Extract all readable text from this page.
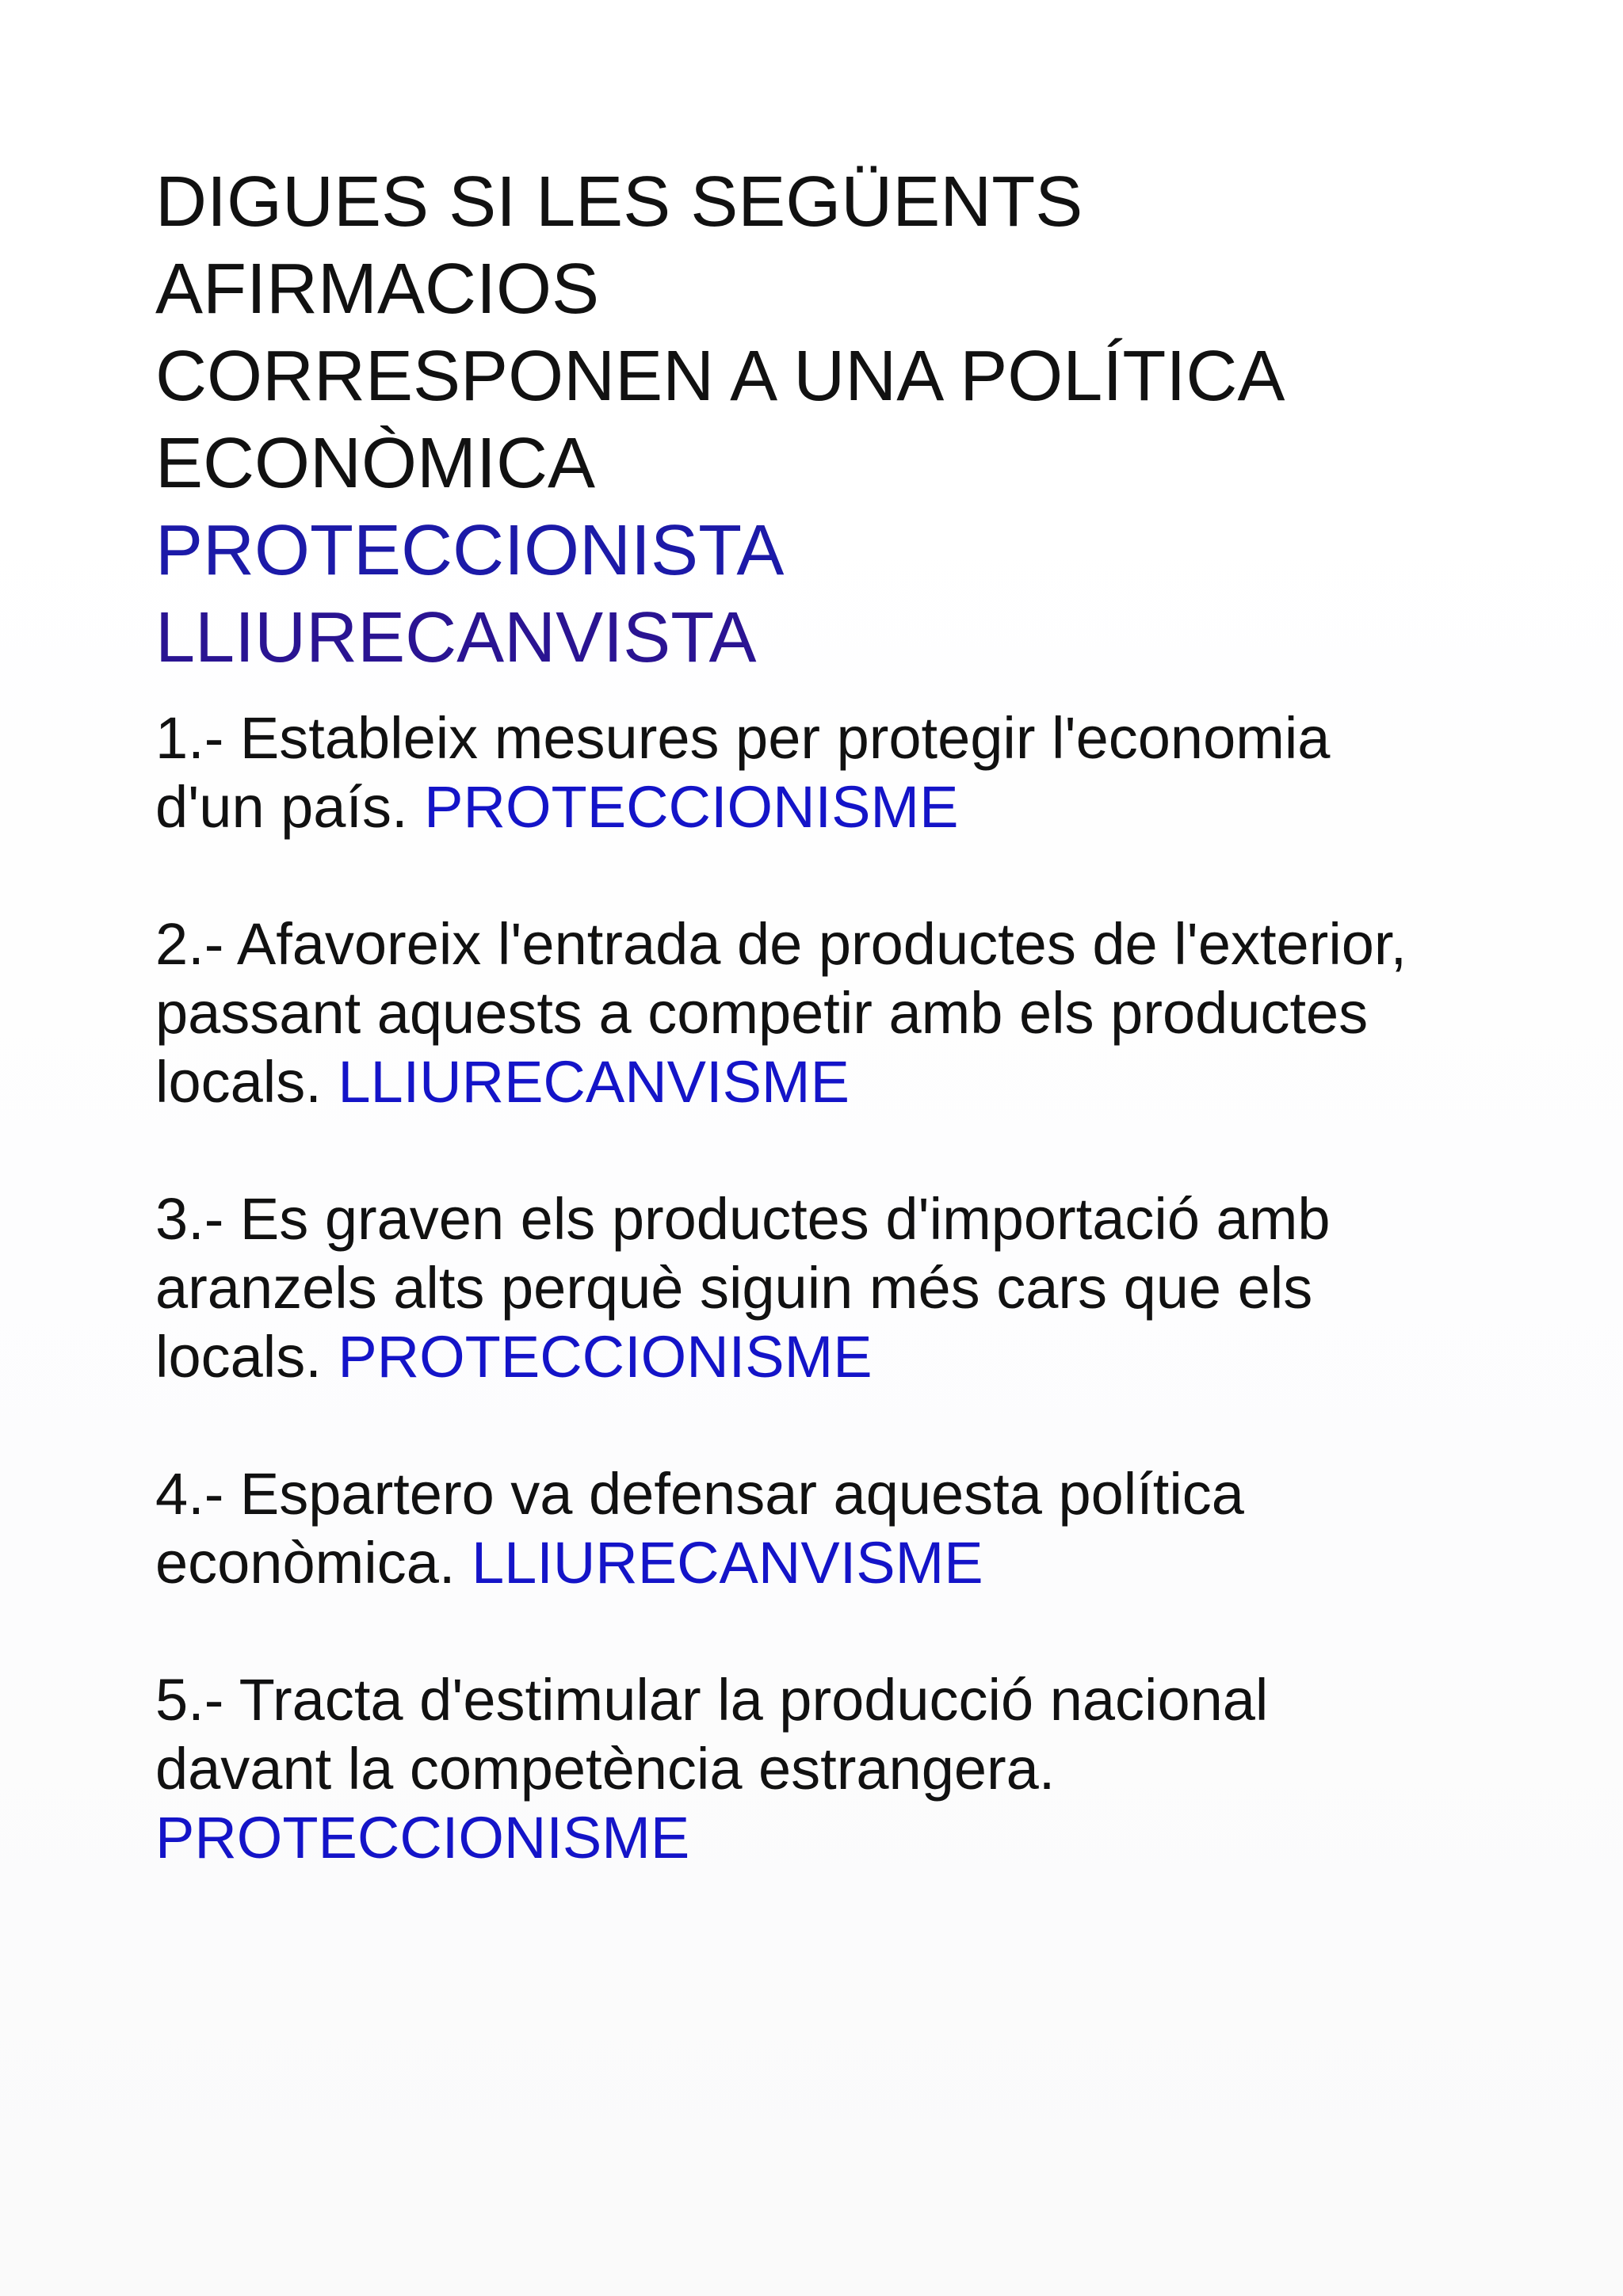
DIGUES SI LES SEGÜENTS
AFIRMACIOS
CORRESPONEN A UNA POLÍTICA
ECONÒMICA
PROTECCIONISTA
LLIURECANVISTA

1.- Estableix mesures per protegir l'economia
d'un país. PROTECCIONISME

2.- Afavoreix l'entrada de productes de l'exterior,
passant aquests a competir amb els productes
locals. LLIURECANVISME

3.- Es graven els productes d'importació amb
aranzels alts perquè siguin més cars que els
locals. PROTECCIONISME

4.- Espartero va defensar aquesta política
econòmica. LLIURECANVISME

5.- Tracta d'estimular la producció nacional
davant la competència estrangera.
PROTECCIONISME
